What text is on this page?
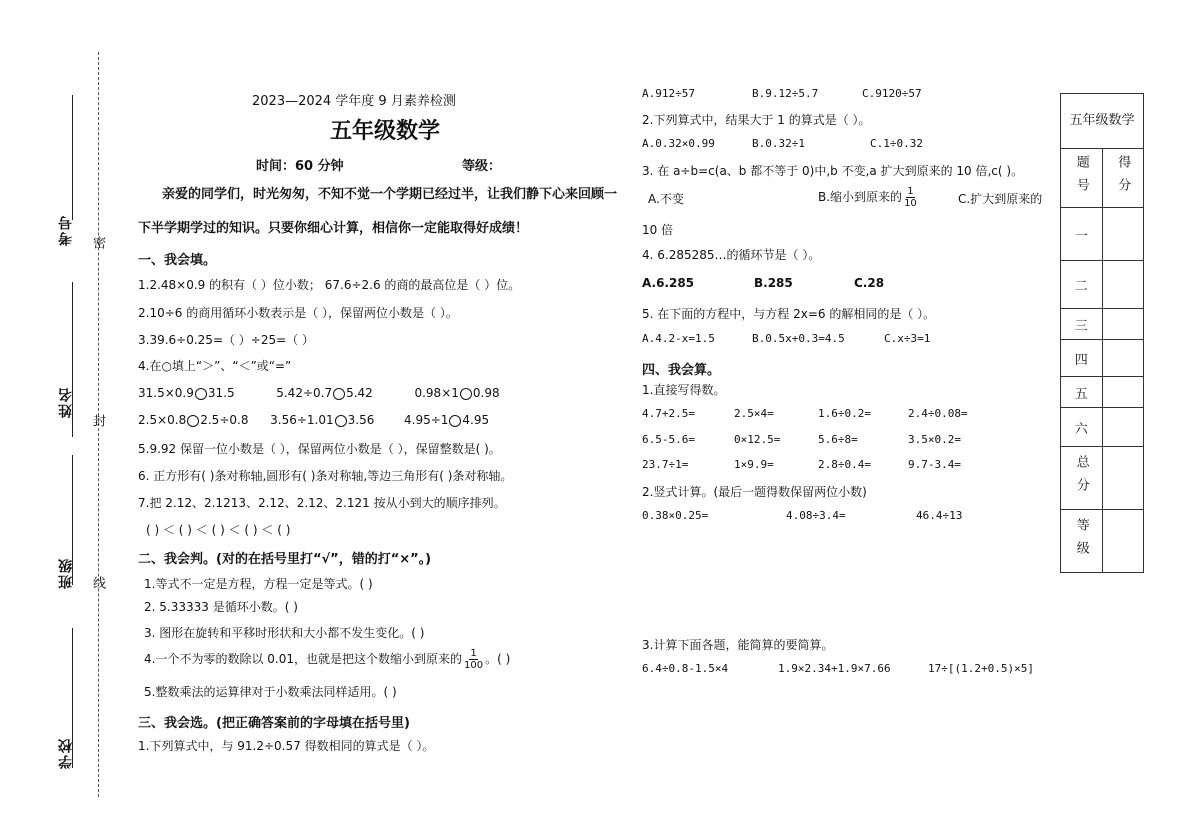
考号
姓名
班级
学校
密
封
线
2023—2024 学年度 9 月素养检测
五年级数学
时间：60 分钟	等级：
亲爱的同学们，时光匆匆，不知不觉一个学期已经过半，让我们静下心来回顾一
下半学期学过的知识。只要你细心计算，相信你一定能取得好成绩！
一、我会填。
1.2.48×0.9 的积有（ ）位小数； 67.6÷2.6 的商的最高位是（ ）位。
2.10÷6 的商用循环小数表示是（ ），保留两位小数是（ ）。
3.39.6÷0.25=（ ）÷25=（ ）
4.在○填上“＞”、“＜”或“=”
31.5×0.9 31.5	5.42÷0.7 5.42	0.98×1 0.98
2.5×0.8 2.5÷0.8 3.56÷1.01 3.56 4.95÷1 4.95
5.9.92 保留一位小数是（ ），保留两位小数是（ ），保留整数是( )。
6. 正方形有( )条对称轴,圆形有( )条对称轴,等边三角形有( )条对称轴。
7.把 2.12、2.1213、2.12、2.12、2.121 按从小到大的顺序排列。
( ) ＜ ( ) ＜ ( ) ＜ ( ) ＜ ( )
二、我会判。(对的在括号里打“√”，错的打“×”。)
1.等式不一定是方程，方程一定是等式。( )
2. 5.33333 是循环小数。( )
3. 图形在旋转和平移时形状和大小都不发生变化。( )
4.一个不为零的数除以 0.01，也就是把这个数缩小到原来的 $\frac{1}{100}$ 。( )
5.整数乘法的运算律对于小数乘法同样适用。( )
三、我会选。(把正确答案前的字母填在括号里)
1.下列算式中，与 91.2÷0.57 得数相同的算式是（ ）。
A.912÷57	B.9.12÷5.7	C.9120÷57
2.下列算式中，结果大于 1 的算式是（ ）。
A.0.32×0.99	B.0.32÷1	C.1÷0.32
3. 在 a÷b=c(a、b 都不等于 0)中,b 不变,a 扩大到原来的 10 倍,c( )。
A.不变	B.缩小到原来的 $\frac{1}{10}$	C.扩大到原来的
10 倍
4. 6.285285…的循环节是（ ）。
A.6.285	B.285	C.28
5. 在下面的方程中，与方程 2x=6 的解相同的是（ ）。
A.4.2-x=1.5	B.0.5x+0.3=4.5	C.x÷3=1
四、我会算。
1.直接写得数。
4.7+2.5=	2.5×4=	1.6÷0.2=	2.4÷0.08=
6.5-5.6=	0×12.5=	5.6÷8=	3.5×0.2=
23.7÷1=	1×9.9=	2.8÷0.4=	9.7-3.4=
2.竖式计算。(最后一题得数保留两位小数)
0.38×0.25=	4.08÷3.4=	46.4÷13
3.计算下面各题，能简算的要简算。
6.4÷0.8-1.5×4	1.9×2.34+1.9×7.66	17÷[(1.2+0.5)×5]
五年级数学	
题号	得分
一	
二	
三	
四	
五	
六	
总分	
等级	
